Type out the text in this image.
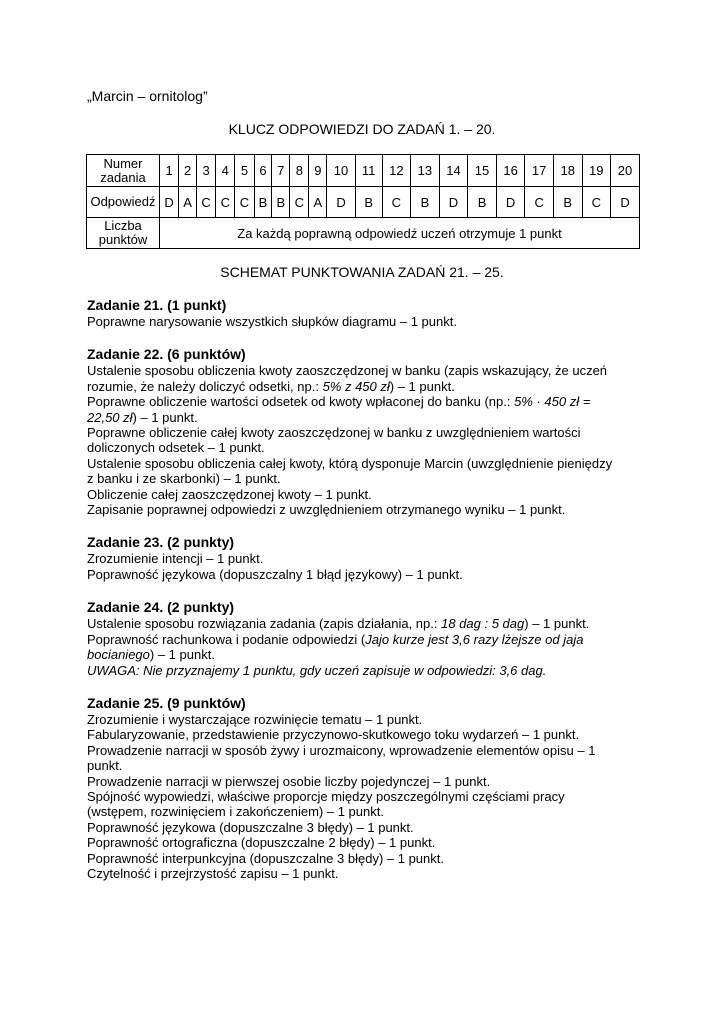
„Marcin – ornitolog”
KLUCZ ODPOWIEDZI DO ZADAŃ 1. – 20.
Numer
zadania	1	2	3	4	5	6	7	8	9	10	11	12	13	14	15	16	17	18	19	20
Odpowiedź	D	A	C	C	C	B	B	C	A	D	B	C	B	D	B	D	C	B	C	D
Liczba
punktów	Za każdą poprawną odpowiedź uczeń otrzymuje 1 punkt																			
SCHEMAT PUNKTOWANIA ZADAŃ 21. – 25.
Zadanie 21. (1 punkt)
Poprawne narysowanie wszystkich słupków diagramu – 1 punkt.
Zadanie 22. (6 punktów)
Ustalenie sposobu obliczenia kwoty zaoszczędzonej w banku (zapis wskazujący, że uczeń
rozumie, że należy doliczyć odsetki, np.: 5% z 450 zł) – 1 punkt.
Poprawne obliczenie wartości odsetek od kwoty wpłaconej do banku (np.: 5% · 450 zł =
22,50 zł) – 1 punkt.
Poprawne obliczenie całej kwoty zaoszczędzonej w banku z uwzględnieniem wartości
doliczonych odsetek – 1 punkt.
Ustalenie sposobu obliczenia całej kwoty, którą dysponuje Marcin (uwzględnienie pieniędzy
z banku i ze skarbonki) – 1 punkt.
Obliczenie całej zaoszczędzonej kwoty – 1 punkt.
Zapisanie poprawnej odpowiedzi z uwzględnieniem otrzymanego wyniku – 1 punkt.
Zadanie 23. (2 punkty)
Zrozumienie intencji – 1 punkt.
Poprawność językowa (dopuszczalny 1 błąd językowy) – 1 punkt.
Zadanie 24. (2 punkty)
Ustalenie sposobu rozwiązania zadania (zapis działania, np.: 18 dag : 5 dag) – 1 punkt.
Poprawność rachunkowa i podanie odpowiedzi (Jajo kurze jest 3,6 razy lżejsze od jaja
bocianiego) – 1 punkt.
UWAGA: Nie przyznajemy 1 punktu, gdy uczeń zapisuje w odpowiedzi: 3,6 dag.
Zadanie 25. (9 punktów)
Zrozumienie i wystarczające rozwinięcie tematu – 1 punkt.
Fabularyzowanie, przedstawienie przyczynowo-skutkowego toku wydarzeń – 1 punkt.
Prowadzenie narracji w sposób żywy i urozmaicony, wprowadzenie elementów opisu – 1
punkt.
Prowadzenie narracji w pierwszej osobie liczby pojedynczej – 1 punkt.
Spójność wypowiedzi, właściwe proporcje między poszczególnymi częściami pracy
(wstępem, rozwinięciem i zakończeniem) – 1 punkt.
Poprawność językowa (dopuszczalne 3 błędy) – 1 punkt.
Poprawność ortograficzna (dopuszczalne 2 błędy) – 1 punkt.
Poprawność interpunkcyjna (dopuszczalne 3 błędy) – 1 punkt.
Czytelność i przejrzystość zapisu – 1 punkt.
